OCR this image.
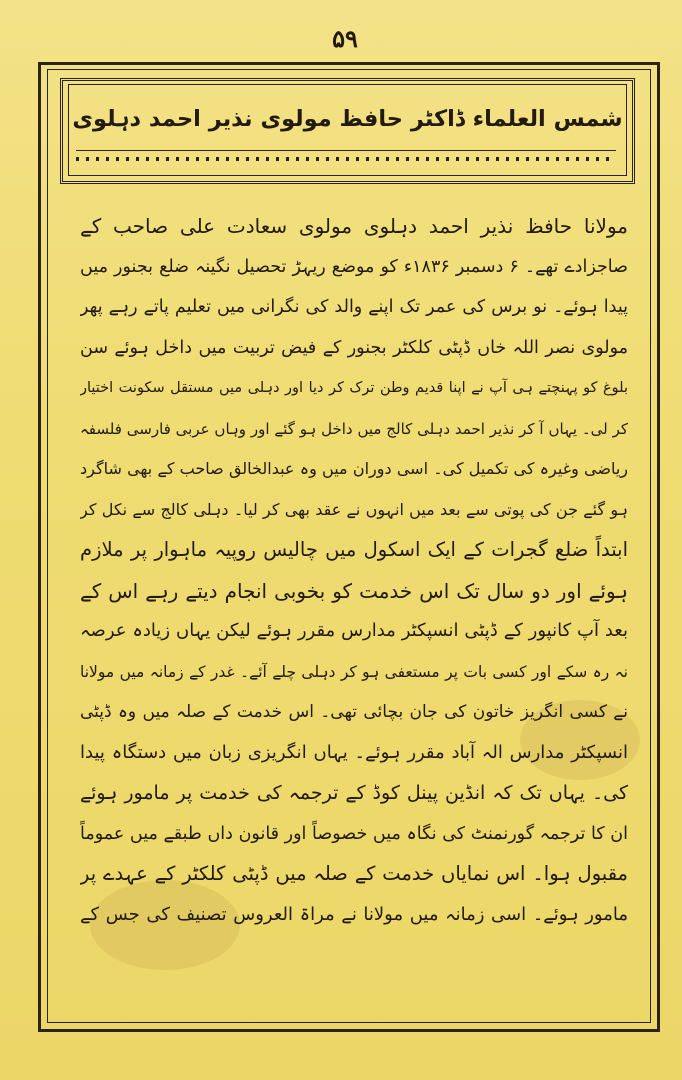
۵۹
شمس العلماء ڈاکٹر حافظ مولوی نذیر احمد دہلوی

مولانا حافظ نذیر احمد دہلوی مولوی سعادت علی صاحب کے

صاجزادے تھے۔ ۶ دسمبر ۱۸۳۶ء کو موضع ریہڑ تحصیل نگینہ ضلع بجنور میں

پیدا ہوئے۔ نو برس کی عمر تک اپنے والد کی نگرانی میں تعلیم پاتے رہے پھر

مولوی نصر اللہ خاں ڈپٹی کلکٹر بجنور کے فیض تربیت میں داخل ہوئے سن

بلوغ کو پہنچتے ہی آپ نے اپنا قدیم وطن ترک کر دیا اور دہلی میں مستقل سکونت اختیار

کر لی۔ یہاں آ کر نذیر احمد دہلی کالج میں داخل ہو گئے اور وہاں عربی فارسی فلسفہ

ریاضی وغیرہ کی تکمیل کی۔ اسی دوران میں وہ عبدالخالق صاحب کے بھی شاگرد

ہو گئے جن کی پوتی سے بعد میں انہوں نے عقد بھی کر لیا۔ دہلی کالج سے نکل کر

ابتداً ضلع گجرات کے ایک اسکول میں چالیس روپیہ ماہوار پر ملازم

ہوئے اور دو سال تک اس خدمت کو بخوبی انجام دیتے رہے اس کے

بعد آپ کانپور کے ڈپٹی انسپکٹر مدارس مقرر ہوئے لیکن یہاں زیادہ عرصہ

نہ رہ سکے اور کسی بات پر مستعفی ہو کر دہلی چلے آئے۔ غدر کے زمانہ میں مولانا

نے کسی انگریز خاتون کی جان بچائی تھی۔ اس خدمت کے صلہ میں وہ ڈپٹی

انسپکٹر مدارس الہ آباد مقرر ہوئے۔ یہاں انگریزی زبان میں دستگاہ پیدا

کی۔ یہاں تک کہ انڈین پینل کوڈ کے ترجمہ کی خدمت پر مامور ہوئے

ان کا ترجمہ گورنمنٹ کی نگاہ میں خصوصاً اور قانون داں طبقے میں عموماً

مقبول ہوا۔ اس نمایاں خدمت کے صلہ میں ڈپٹی کلکٹر کے عہدے پر

مامور ہوئے۔ اسی زمانہ میں مولانا نے مراۃ العروس تصنیف کی جس کے
